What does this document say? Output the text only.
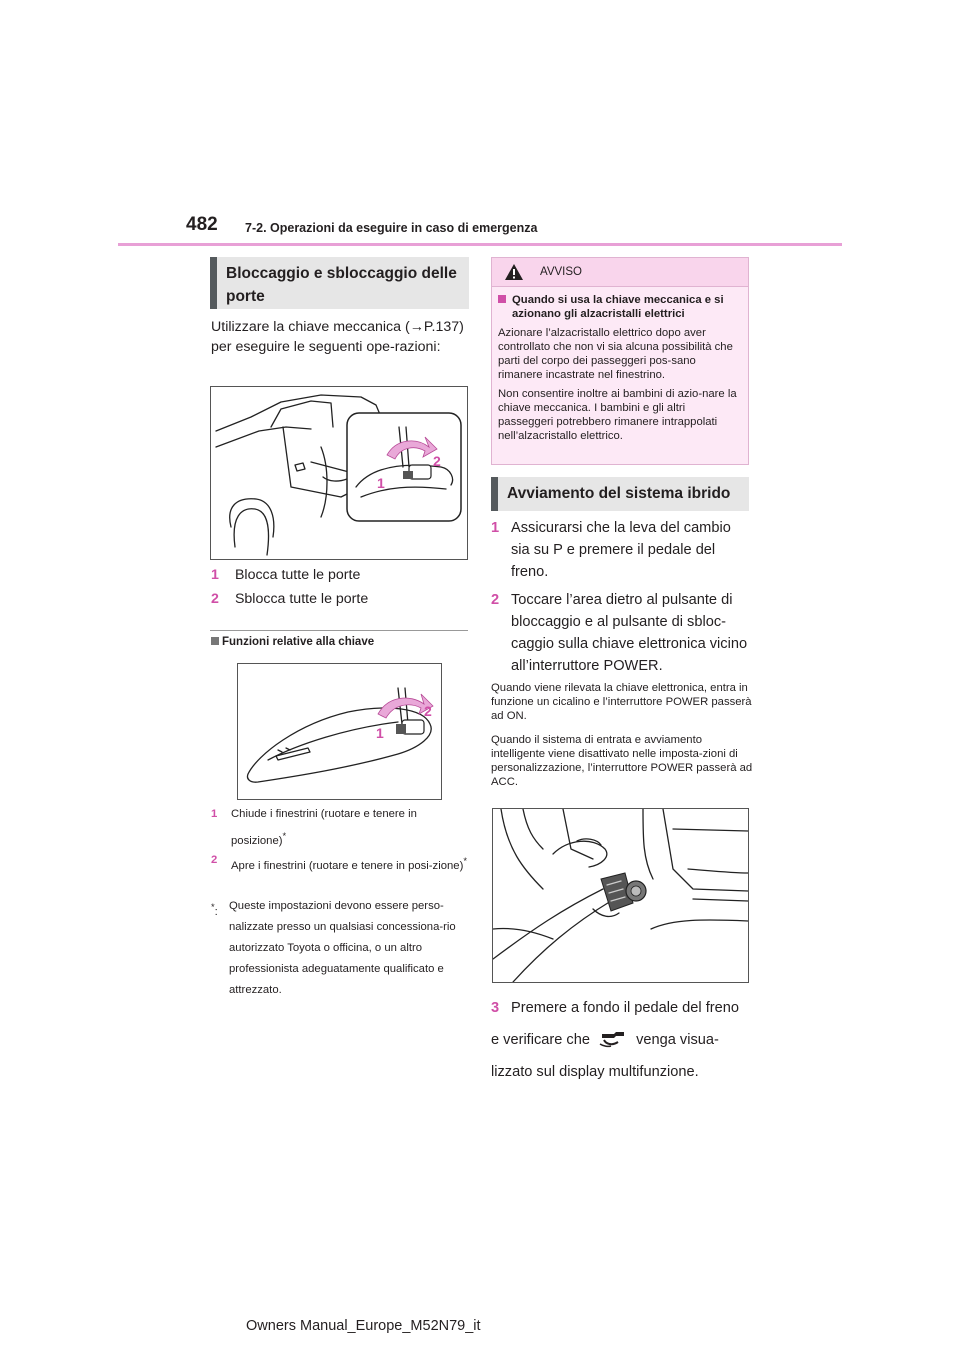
482 7-2. Operazioni da eseguire in caso di emergenza
Bloccaggio e sbloccaggio delle porte
Utilizzare la chiave meccanica (→P.137) per eseguire le seguenti ope-razioni:
1
2
1 Blocca tutte le porte
2 Sblocca tutte le porte
Funzioni relative alla chiave
1
2
1	Chiude i finestrini (ruotare e tenere in posizione)*
2	Apre i finestrini (ruotare e tenere in posi-zione)*
*: Queste impostazioni devono essere perso-nalizzate presso un qualsiasi concessiona-rio autorizzato Toyota o officina, o un altro professionista adeguatamente qualificato e attrezzato.
AVVISO
Quando si usa la chiave meccanica e si azionano gli alzacristalli elettrici
Azionare l’alzacristallo elettrico dopo aver controllato che non vi sia alcuna possibilità che parti del corpo dei passeggeri pos-sano rimanere incastrate nel finestrino.
Non consentire inoltre ai bambini di azio-nare la chiave meccanica. I bambini e gli altri passeggeri potrebbero rimanere intrappolati nell’alzacristallo elettrico.
Avviamento del sistema ibrido
1 Assicurarsi che la leva del cambio sia su P e premere il pedale del freno.
2 Toccare l’area dietro al pulsante di bloccaggio e al pulsante di sbloc-caggio sulla chiave elettronica vicino all’interruttore POWER.
Quando viene rilevata la chiave elettronica, entra in funzione un cicalino e l’interruttore POWER passerà ad ON.
Quando il sistema di entrata e avviamento intelligente viene disattivato nelle imposta-zioni di personalizzazione, l’interruttore POWER passerà ad ACC.
3 Premere a fondo il pedale del freno e verificare che	venga visua-lizzato sul display multifunzione.
Owners Manual_Europe_M52N79_it
